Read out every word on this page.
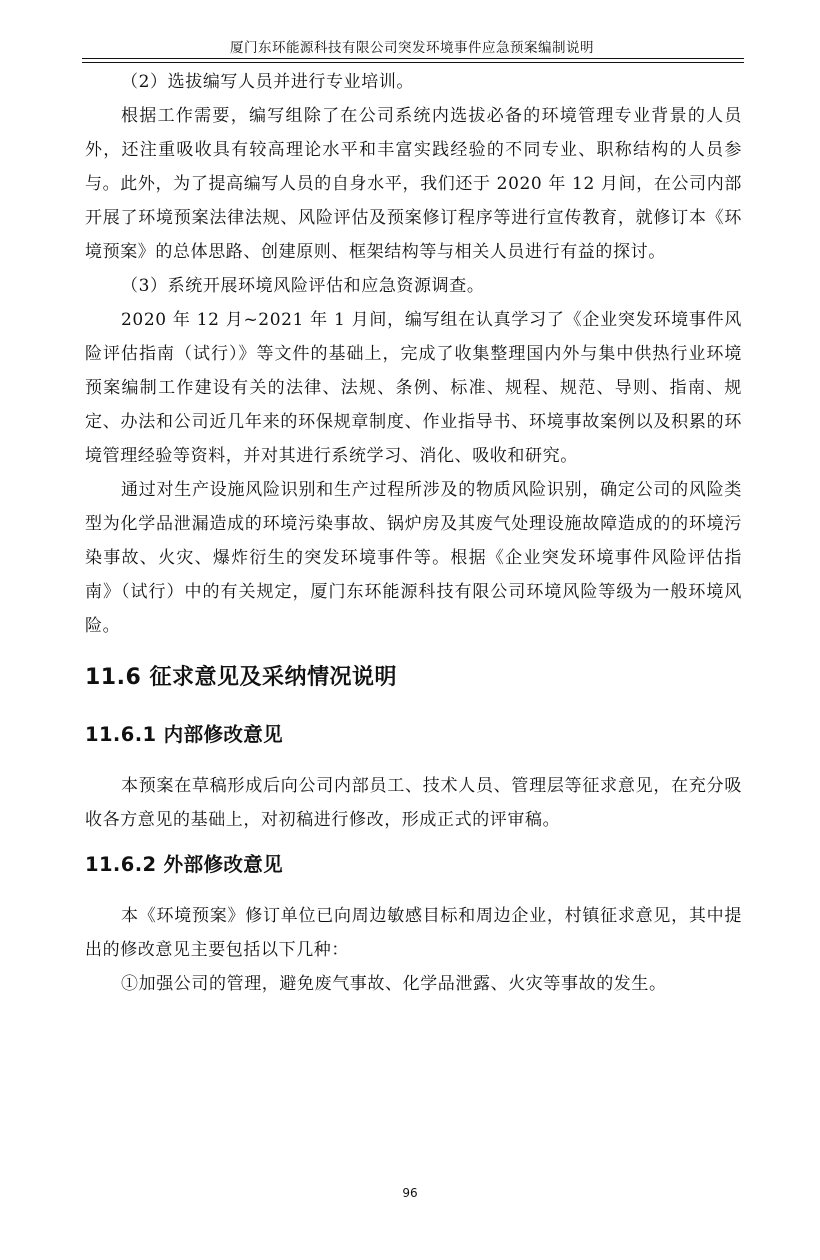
厦门东环能源科技有限公司突发环境事件应急预案编制说明

（2）选拔编写人员并进行专业培训。

根据工作需要，编写组除了在公司系统内选拔必备的环境管理专业背景的人员外，还注重吸收具有较高理论水平和丰富实践经验的不同专业、职称结构的人员参与。此外，为了提高编写人员的自身水平，我们还于 2020 年 12 月间，在公司内部开展了环境预案法律法规、风险评估及预案修订程序等进行宣传教育，就修订本《环境预案》的总体思路、创建原则、框架结构等与相关人员进行有益的探讨。

（3）系统开展环境风险评估和应急资源调查。

2020 年 12 月~2021 年 1 月间，编写组在认真学习了《企业突发环境事件风险评估指南（试行）》等文件的基础上，完成了收集整理国内外与集中供热行业环境预案编制工作建设有关的法律、法规、条例、标准、规程、规范、导则、指南、规定、办法和公司近几年来的环保规章制度、作业指导书、环境事故案例以及积累的环境管理经验等资料，并对其进行系统学习、消化、吸收和研究。

通过对生产设施风险识别和生产过程所涉及的物质风险识别，确定公司的风险类型为化学品泄漏造成的环境污染事故、锅炉房及其废气处理设施故障造成的的环境污染事故、火灾、爆炸衍生的突发环境事件等。根据《企业突发环境事件风险评估指南》（试行）中的有关规定，厦门东环能源科技有限公司环境风险等级为一般环境风险。

11.6 征求意见及采纳情况说明
11.6.1 内部修改意见

本预案在草稿形成后向公司内部员工、技术人员、管理层等征求意见，在充分吸收各方意见的基础上，对初稿进行修改，形成正式的评审稿。

11.6.2 外部修改意见

本《环境预案》修订单位已向周边敏感目标和周边企业，村镇征求意见，其中提出的修改意见主要包括以下几种：

①加强公司的管理，避免废气事故、化学品泄露、火灾等事故的发生。

96
